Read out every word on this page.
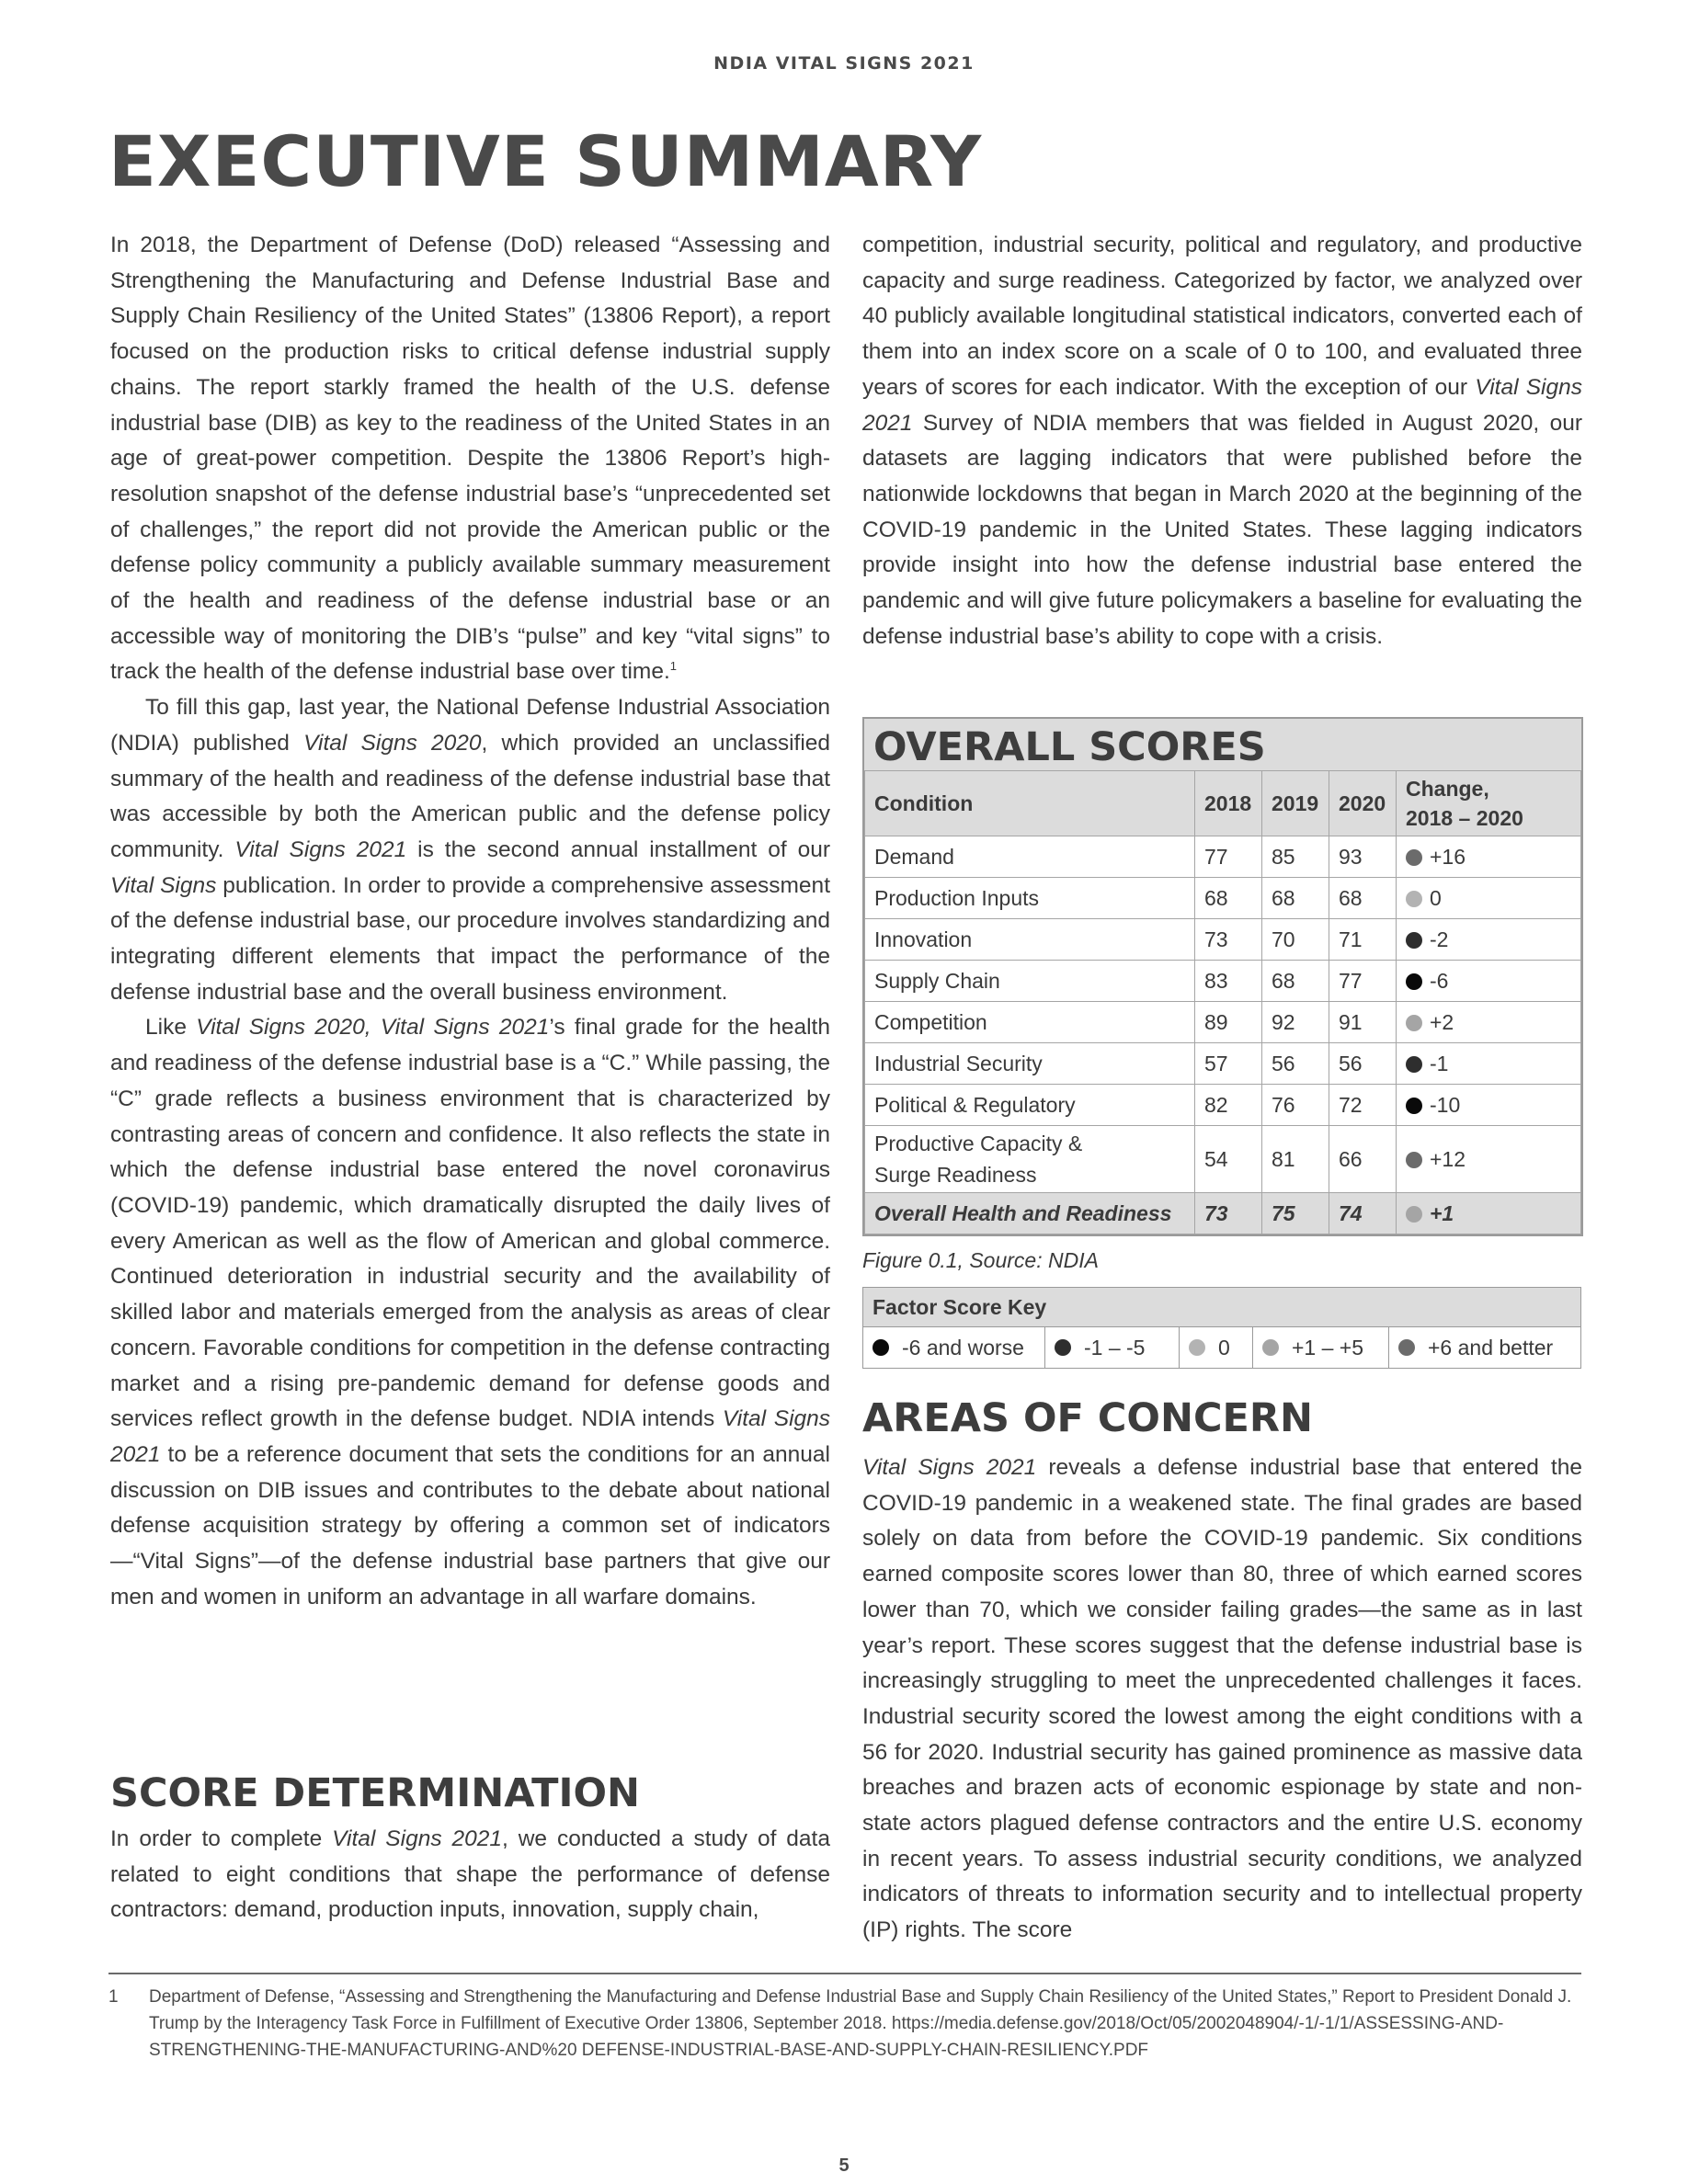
NDIA VITAL SIGNS 2021
EXECUTIVE SUMMARY

In 2018, the Department of Defense (DoD) released “Assessing and Strengthening the Manufacturing and Defense Industrial Base and Supply Chain Resiliency of the United States” (13806 Report), a report focused on the production risks to critical defense industrial supply chains. The report starkly framed the health of the U.S. defense industrial base (DIB) as key to the readiness of the United States in an age of great-power competition. Despite the 13806 Report’s high-resolution snapshot of the defense industrial base’s “unprecedented set of challenges,” the report did not provide the American public or the defense policy community a publicly available summary measurement of the health and readiness of the defense industrial base or an accessible way of monitoring the DIB’s “pulse” and key “vital signs” to track the health of the defense industrial base over time.$^1$

To fill this gap, last year, the National Defense Industrial Association (NDIA) published Vital Signs 2020, which provided an unclassified summary of the health and readiness of the defense industrial base that was accessible by both the American public and the defense policy community. Vital Signs 2021 is the second annual installment of our Vital Signs publication. In order to provide a comprehensive assessment of the defense industrial base, our procedure involves standardizing and integrating different elements that impact the performance of the defense industrial base and the overall business environment.

Like Vital Signs 2020, Vital Signs 2021’s final grade for the health and readiness of the defense industrial base is a “C.” While passing, the “C” grade reflects a business environment that is characterized by contrasting areas of concern and confidence. It also reflects the state in which the defense industrial base entered the novel coronavirus (COVID-19) pandemic, which dramatically disrupted the daily lives of every American as well as the flow of American and global commerce. Continued deterioration in industrial security and the availability of skilled labor and materials emerged from the analysis as areas of clear concern. Favorable conditions for competition in the defense contracting market and a rising pre-pandemic demand for defense goods and services reflect growth in the defense budget. NDIA intends Vital Signs 2021 to be a reference document that sets the conditions for an annual discussion on DIB issues and contributes to the debate about national defense acquisition strategy by offering a common set of indicators—“Vital Signs”—of the defense industrial base partners that give our men and women in uniform an advantage in all warfare domains.

SCORE DETERMINATION

In order to complete Vital Signs 2021, we conducted a study of data related to eight conditions that shape the performance of defense contractors: demand, production inputs, innovation, supply chain,

competition, industrial security, political and regulatory, and productive capacity and surge readiness. Categorized by factor, we analyzed over 40 publicly available longitudinal statistical indicators, converted each of them into an index score on a scale of 0 to 100, and evaluated three years of scores for each indicator. With the exception of our Vital Signs 2021 Survey of NDIA members that was fielded in August 2020, our datasets are lagging indicators that were published before the nationwide lockdowns that began in March 2020 at the beginning of the COVID-19 pandemic in the United States. These lagging indicators provide insight into how the defense industrial base entered the pandemic and will give future policymakers a baseline for evaluating the defense industrial base’s ability to cope with a crisis.

OVERALL SCORES
Condition	2018	2019	2020	Change,
2018 – 2020
Demand	77	85	93	+16
Production Inputs	68	68	68	0
Innovation	73	70	71	-2
Supply Chain	83	68	77	-6
Competition	89	92	91	+2
Industrial Security	57	56	56	-1
Political & Regulatory	82	76	72	-10
Productive Capacity &
Surge Readiness	54	81	66	+12
Overall Health and Readiness	73	75	74	+1
Figure 0.1, Source: NDIA
Factor Score Key
-6 and worse	-1 – -5	0	+1 – +5	+6 and better
AREAS OF CONCERN

Vital Signs 2021 reveals a defense industrial base that entered the COVID-19 pandemic in a weakened state. The final grades are based solely on data from before the COVID-19 pandemic. Six conditions earned composite scores lower than 80, three of which earned scores lower than 70, which we consider failing grades—the same as in last year’s report. These scores suggest that the defense industrial base is increasingly struggling to meet the unprecedented challenges it faces. Industrial security scored the lowest among the eight conditions with a 56 for 2020. Industrial security has gained prominence as massive data breaches and brazen acts of economic espionage by state and non-state actors plagued defense contractors and the entire U.S. economy in recent years. To assess industrial security conditions, we analyzed indicators of threats to information security and to intellectual property (IP) rights. The score

1 Department of Defense, “Assessing and Strengthening the Manufacturing and Defense Industrial Base and Supply Chain Resiliency of the United States,” Report to President Donald J. Trump by the Interagency Task Force in Fulfillment of Executive Order 13806, September 2018. https://media.defense.gov/2018/Oct/05/2002048904/-1/-1/1/ASSESSING-AND-STRENGTHENING-THE-MANUFACTURING-AND%20 DEFENSE-INDUSTRIAL-BASE-AND-SUPPLY-CHAIN-RESILIENCY.PDF
5
